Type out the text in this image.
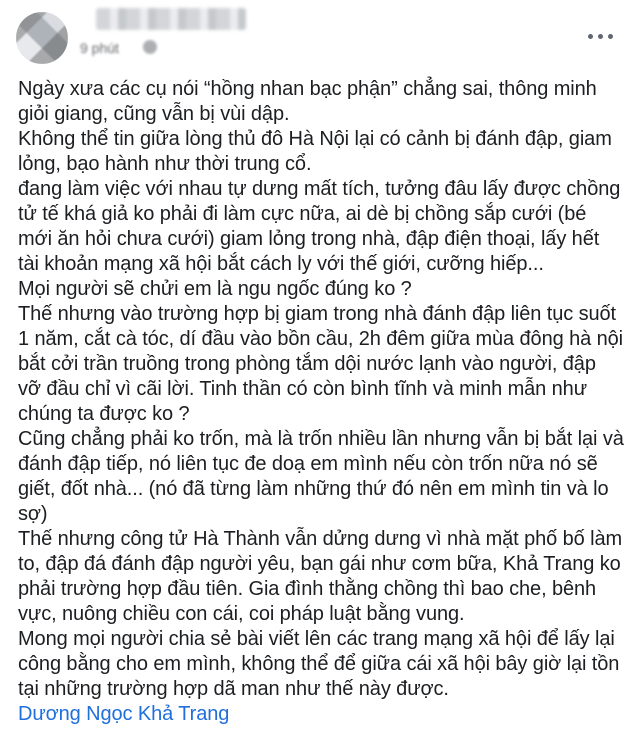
9 phút

Ngày xưa các cụ nói “hồng nhan bạc phận” chẳng sai, thông minh giỏi giang, cũng vẫn bị vùi dập.

Không thể tin giữa lòng thủ đô Hà Nội lại có cảnh bị đánh đập, giam lỏng, bạo hành như thời trung cổ.

đang làm việc với nhau tự dưng mất tích, tưởng đâu lấy được chồng tử tế khá giả ko phải đi làm cực nữa, ai dè bị chồng sắp cưới (bé mới ăn hỏi chưa cưới) giam lỏng trong nhà, đập điện thoại, lấy hết tài khoản mạng xã hội bắt cách ly với thế giới, cưỡng hiếp...

Mọi người sẽ chửi em là ngu ngốc đúng ko ?

Thế nhưng vào trường hợp bị giam trong nhà đánh đập liên tục suốt 1 năm, cắt cà tóc, dí đầu vào bồn cầu, 2h đêm giữa mùa đông hà nội bắt cởi trần truồng trong phòng tắm dội nước lạnh vào người, đập vỡ đầu chỉ vì cãi lời. Tinh thần có còn bình tĩnh và minh mẫn như chúng ta được ko ?

Cũng chẳng phải ko trốn, mà là trốn nhiều lần nhưng vẫn bị bắt lại và đánh đập tiếp, nó liên tục đe doạ em mình nếu còn trốn nữa nó sẽ giết, đốt nhà... (nó đã từng làm những thứ đó nên em mình tin và lo sợ)

Thế nhưng công tử Hà Thành vẫn dửng dưng vì nhà mặt phố bố làm to, đập đá đánh đập người yêu, bạn gái như cơm bữa, Khả Trang ko phải trường hợp đầu tiên. Gia đình thằng chồng thì bao che, bênh vực, nuông chiều con cái, coi pháp luật bằng vung.

Mong mọi người chia sẻ bài viết lên các trang mạng xã hội để lấy lại công bằng cho em mình, không thể để giữa cái xã hội bây giờ lại tồn tại những trường hợp dã man như thế này được.

Dương Ngọc Khả Trang
